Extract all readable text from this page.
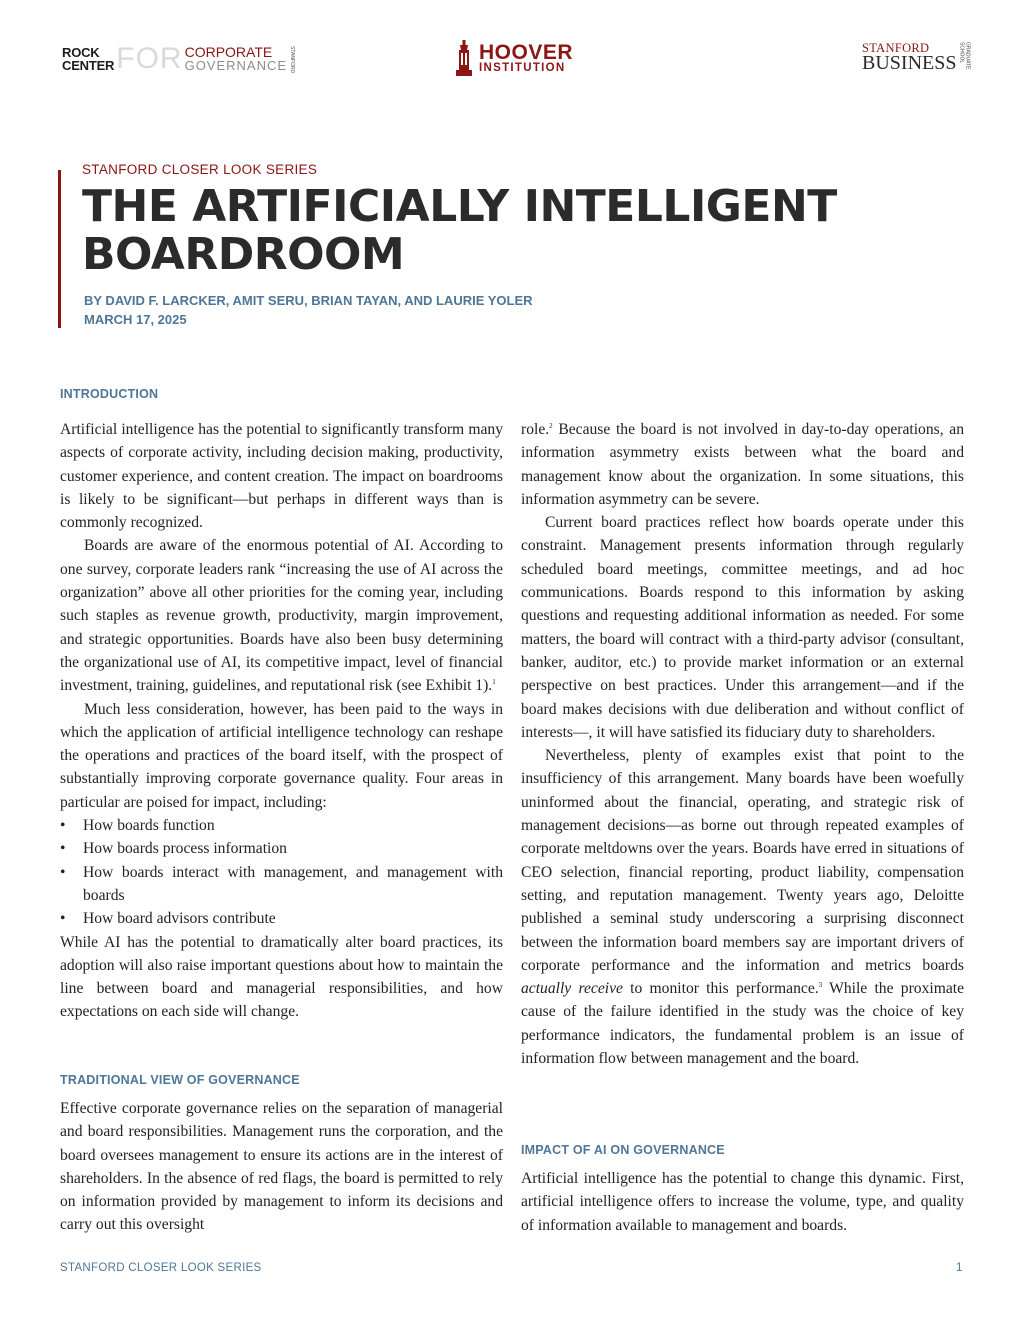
ROCK
CENTER FOR CORPORATE
GOVERNANCE STANFORD	HOOVER
INSTITUTION
STANFORD
BUSINESS	GRADUATE SCHOOL
STANFORD CLOSER LOOK SERIES
THE ARTIFICIALLY INTELLIGENT
BOARDROOM
BY DAVID F. LARCKER, AMIT SERU, BRIAN TAYAN, AND LAURIE YOLER
MARCH 17, 2025
INTRODUCTION

Artificial intelligence has the potential to significantly transform many aspects of corporate activity, including decision making, productivity, customer experience, and content creation. The impact on boardrooms is likely to be significant—but perhaps in different ways than is commonly recognized.

Boards are aware of the enormous potential of AI. According to one survey, corporate leaders rank “increasing the use of AI across the organization” above all other priorities for the coming year, including such staples as revenue growth, productivity, margin improvement, and strategic opportunities. Boards have also been busy determining the organizational use of AI, its competitive impact, level of financial investment, training, guidelines, and reputational risk (see Exhibit 1).$^1$

Much less consideration, however, has been paid to the ways in which the application of artificial intelligence technology can reshape the operations and practices of the board itself, with the prospect of substantially improving corporate governance quality. Four areas in particular are poised for impact, including:

• How boards function
• How boards process information
• How boards interact with management, and management with boards
• How board advisors contribute

While AI has the potential to dramatically alter board practices, its adoption will also raise important questions about how to maintain the line between board and managerial responsibilities, and how expectations on each side will change.

TRADITIONAL VIEW OF GOVERNANCE

Effective corporate governance relies on the separation of managerial and board responsibilities. Management runs the corporation, and the board oversees management to ensure its actions are in the interest of shareholders. In the absence of red flags, the board is permitted to rely on information provided by management to inform its decisions and carry out this oversight

role.$^2$ Because the board is not involved in day-to-day operations, an information asymmetry exists between what the board and management know about the organization. In some situations, this information asymmetry can be severe.

Current board practices reflect how boards operate under this constraint. Management presents information through regularly scheduled board meetings, committee meetings, and ad hoc communications. Boards respond to this information by asking questions and requesting additional information as needed. For some matters, the board will contract with a third-party advisor (consultant, banker, auditor, etc.) to provide market information or an external perspective on best practices. Under this arrangement—and if the board makes decisions with due deliberation and without conflict of interests—, it will have satisfied its fiduciary duty to shareholders.

Nevertheless, plenty of examples exist that point to the insufficiency of this arrangement. Many boards have been woefully uninformed about the financial, operating, and strategic risk of management decisions—as borne out through repeated examples of corporate meltdowns over the years. Boards have erred in situations of CEO selection, financial reporting, product liability, compensation setting, and reputation management. Twenty years ago, Deloitte published a seminal study underscoring a surprising disconnect between the information board members say are important drivers of corporate performance and the information and metrics boards actually receive to monitor this performance.$^3$ While the proximate cause of the failure identified in the study was the choice of key performance indicators, the fundamental problem is an issue of information flow between management and the board.

IMPACT OF AI ON GOVERNANCE

Artificial intelligence has the potential to change this dynamic. First, artificial intelligence offers to increase the volume, type, and quality of information available to management and boards.

STANFORD CLOSER LOOK SERIES	1
